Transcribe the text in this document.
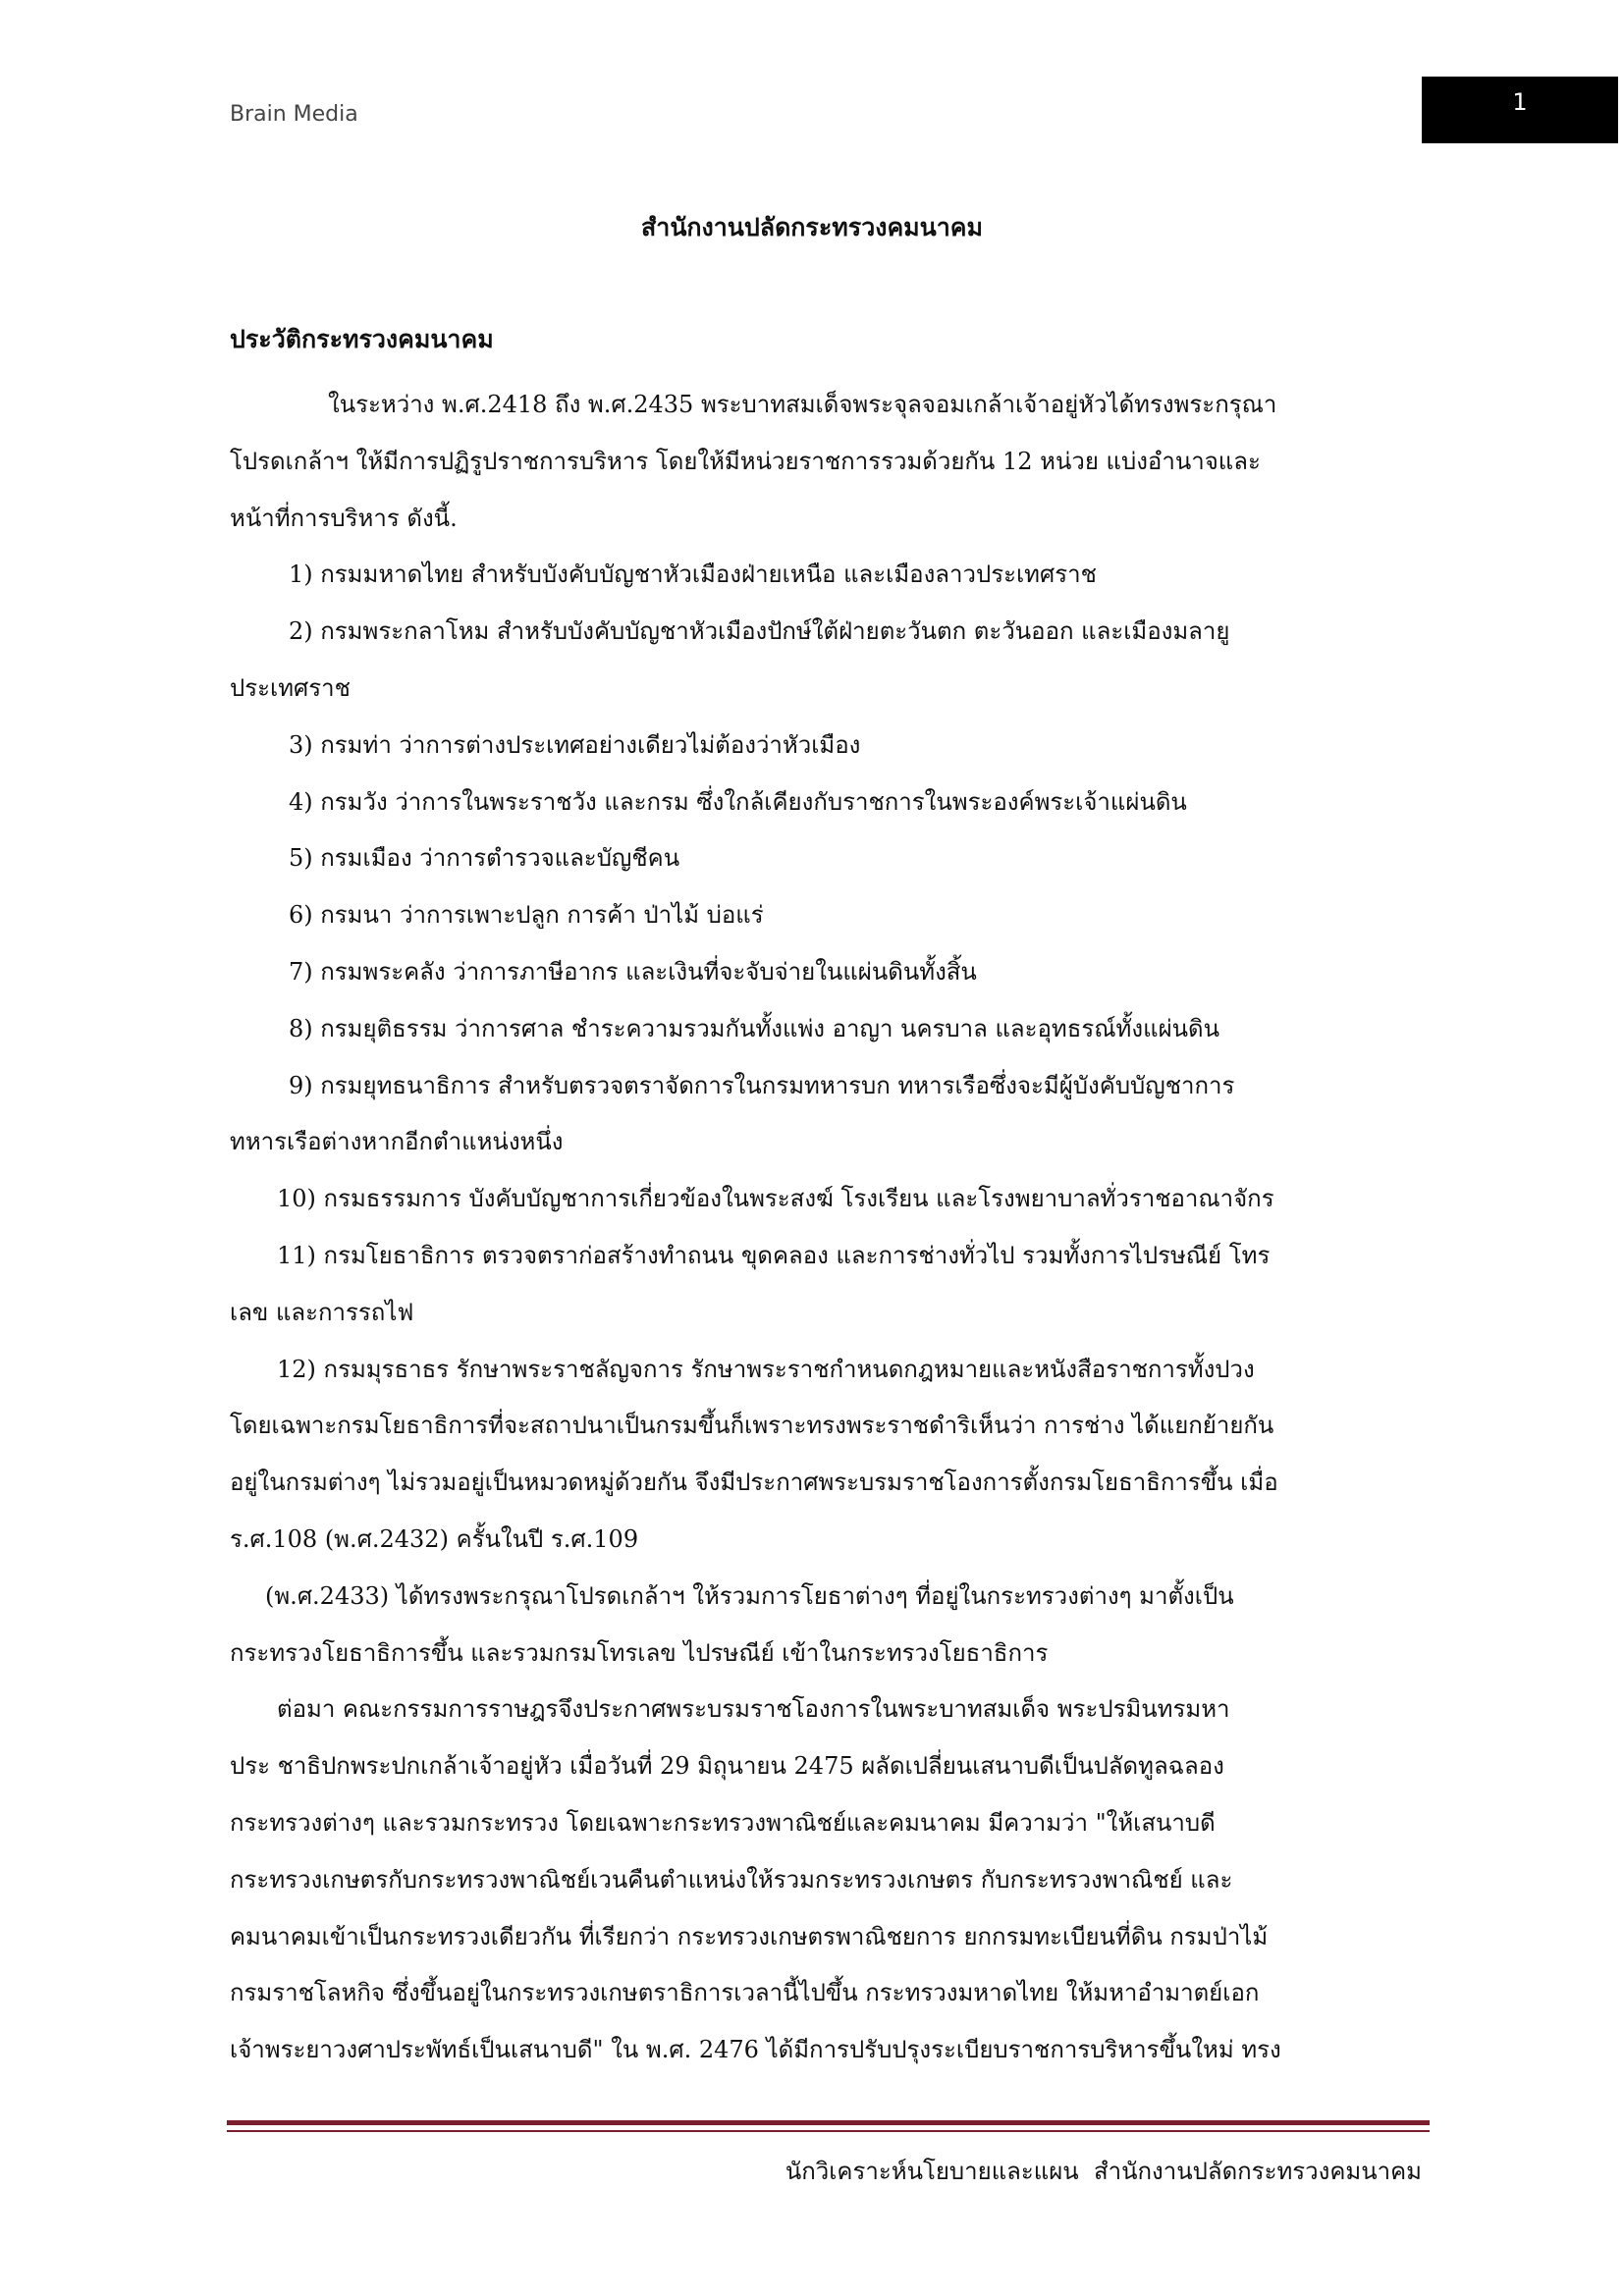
Brain Media	1
สำนักงานปลัดกระทรวงคมนาคม
ประวัติกระทรวงคมนาคม
ในระหว่าง พ.ศ.2418 ถึง พ.ศ.2435 พระบาทสมเด็จพระจุลจอมเกล้าเจ้าอยู่หัวได้ทรงพระกรุณา
โปรดเกล้าฯ ให้มีการปฏิรูปราชการบริหาร โดยให้มีหน่วยราชการรวมด้วยกัน 12 หน่วย แบ่งอำนาจและ
หน้าที่การบริหาร ดังนี้.
1) กรมมหาดไทย สำหรับบังคับบัญชาหัวเมืองฝ่ายเหนือ และเมืองลาวประเทศราช
2) กรมพระกลาโหม สำหรับบังคับบัญชาหัวเมืองปักษ์ใต้ฝ่ายตะวันตก ตะวันออก และเมืองมลายู
ประเทศราช
3) กรมท่า ว่าการต่างประเทศอย่างเดียวไม่ต้องว่าหัวเมือง
4) กรมวัง ว่าการในพระราชวัง และกรม ซึ่งใกล้เคียงกับราชการในพระองค์พระเจ้าแผ่นดิน
5) กรมเมือง ว่าการตำรวจและบัญชีคน
6) กรมนา ว่าการเพาะปลูก การค้า ป่าไม้ บ่อแร่
7) กรมพระคลัง ว่าการภาษีอากร และเงินที่จะจับจ่ายในแผ่นดินทั้งสิ้น
8) กรมยุติธรรม ว่าการศาล ชำระความรวมกันทั้งแพ่ง อาญา นครบาล และอุทธรณ์ทั้งแผ่นดิน
9) กรมยุทธนาธิการ สำหรับตรวจตราจัดการในกรมทหารบก ทหารเรือซึ่งจะมีผู้บังคับบัญชาการ
ทหารเรือต่างหากอีกตำแหน่งหนึ่ง
10) กรมธรรมการ บังคับบัญชาการเกี่ยวข้องในพระสงฆ์ โรงเรียน และโรงพยาบาลทั่วราชอาณาจักร
11) กรมโยธาธิการ ตรวจตราก่อสร้างทำถนน ขุดคลอง และการช่างทั่วไป รวมทั้งการไปรษณีย์ โทร
เลข และการรถไฟ
12) กรมมุรธาธร รักษาพระราชลัญจการ รักษาพระราชกำหนดกฎหมายและหนังสือราชการทั้งปวง
โดยเฉพาะกรมโยธาธิการที่จะสถาปนาเป็นกรมขึ้นก็เพราะทรงพระราชดำริเห็นว่า การช่าง ได้แยกย้ายกัน
อยู่ในกรมต่างๆ ไม่รวมอยู่เป็นหมวดหมู่ด้วยกัน จึงมีประกาศพระบรมราชโองการตั้งกรมโยธาธิการขึ้น เมื่อ
ร.ศ.108 (พ.ศ.2432) ครั้นในปี ร.ศ.109
(พ.ศ.2433) ได้ทรงพระกรุณาโปรดเกล้าฯ ให้รวมการโยธาต่างๆ ที่อยู่ในกระทรวงต่างๆ มาตั้งเป็น
กระทรวงโยธาธิการขึ้น และรวมกรมโทรเลข ไปรษณีย์ เข้าในกระทรวงโยธาธิการ
ต่อมา คณะกรรมการราษฎรจึงประกาศพระบรมราชโองการในพระบาทสมเด็จ พระปรมินทรมหา
ประ ชาธิปกพระปกเกล้าเจ้าอยู่หัว เมื่อวันที่ 29 มิถุนายน 2475 ผลัดเปลี่ยนเสนาบดีเป็นปลัดทูลฉลอง
กระทรวงต่างๆ และรวมกระทรวง โดยเฉพาะกระทรวงพาณิชย์และคมนาคม มีความว่า "ให้เสนาบดี
กระทรวงเกษตรกับกระทรวงพาณิชย์เวนคืนตำแหน่งให้รวมกระทรวงเกษตร กับกระทรวงพาณิชย์ และ
คมนาคมเข้าเป็นกระทรวงเดียวกัน ที่เรียกว่า กระทรวงเกษตรพาณิชยการ ยกกรมทะเบียนที่ดิน กรมป่าไม้
กรมราชโลหกิจ ซึ่งขึ้นอยู่ในกระทรวงเกษตราธิการเวลานี้ไปขึ้น กระทรวงมหาดไทย ให้มหาอำมาตย์เอก
เจ้าพระยาวงศาประพัทธ์เป็นเสนาบดี" ใน พ.ศ. 2476 ได้มีการปรับปรุงระเบียบราชการบริหารขึ้นใหม่ ทรง
นักวิเคราะห์นโยบายและแผน  สำนักงานปลัดกระทรวงคมนาคม
